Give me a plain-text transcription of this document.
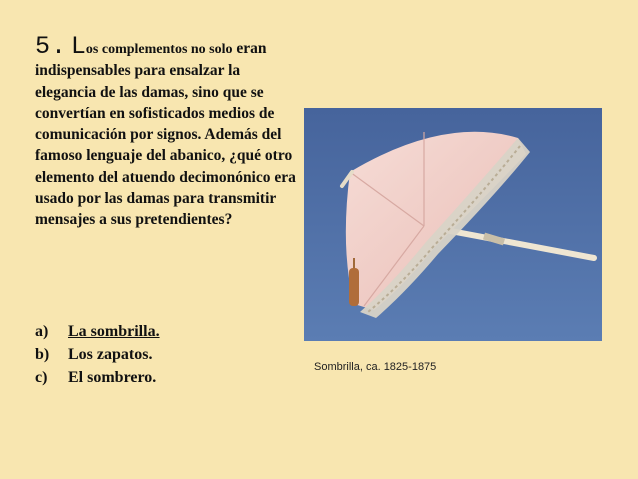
5. Los complementos no solo eran indispensables para ensalzar la elegancia de las damas, sino que se convertían en sofisticados medios de comunicación por signos. Además del famoso lenguaje del abanico, ¿qué otro elemento del atuendo decimonónico era usado por las damas para transmitir mensajes a sus pretendientes?
a)	La sombrilla.
b)	Los zapatos.
c)	El sombrero.
Sombrilla, ca. 1825-1875
